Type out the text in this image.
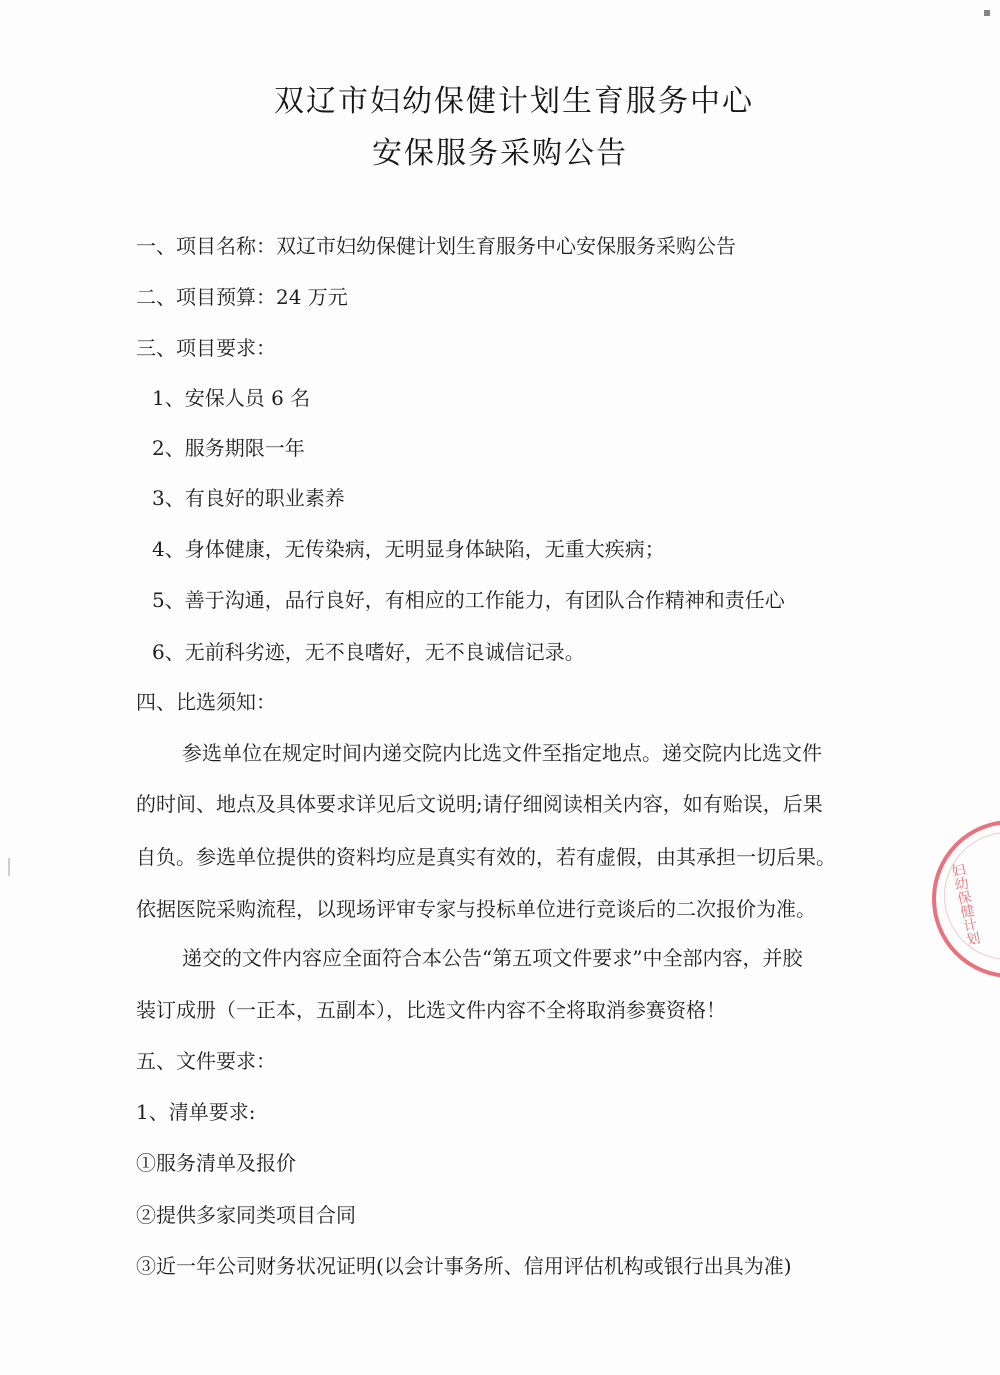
双辽市妇幼保健计划生育服务中心
安保服务采购公告
一、项目名称：双辽市妇幼保健计划生育服务中心安保服务采购公告
二、项目预算：24 万元
三、项目要求：
1、安保人员 6 名
2、服务期限一年
3、有良好的职业素养
4、身体健康，无传染病，无明显身体缺陷，无重大疾病；
5、善于沟通，品行良好，有相应的工作能力，有团队合作精神和责任心
6、无前科劣迹，无不良嗜好，无不良诚信记录。
四、比选须知：
参选单位在规定时间内递交院内比选文件至指定地点。递交院内比选文件
的时间、地点及具体要求详见后文说明;请仔细阅读相关内容，如有贻误，后果
自负。参选单位提供的资料均应是真实有效的，若有虚假，由其承担一切后果。
依据医院采购流程，以现场评审专家与投标单位进行竞谈后的二次报价为准。
递交的文件内容应全面符合本公告“第五项文件要求”中全部内容，并胶
装订成册（一正本，五副本），比选文件内容不全将取消参赛资格！
五、文件要求：
1、清单要求:
①服务清单及报价
②提供多家同类项目合同
③近一年公司财务状况证明(以会计事务所、信用评估机构或银行出具为准)
妇幼保健计划
